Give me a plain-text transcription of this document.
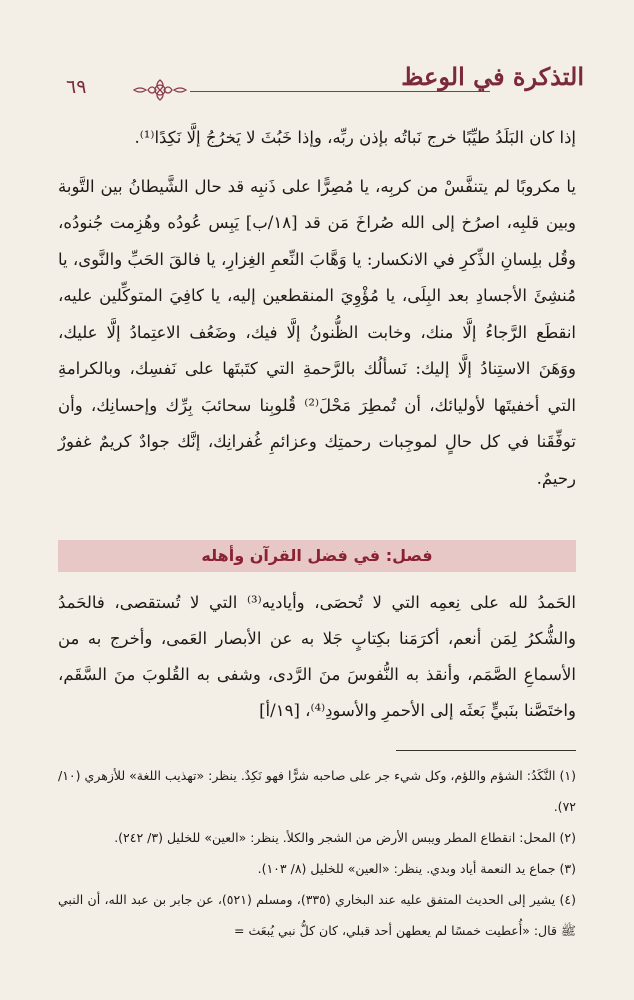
٦٩	التذكرة في الوعظ

إذا كان البَلَدُ طيِّبًا خرج نَباتُه بإذن ربِّه، وإذا خَبُثَ لا يَخرُجُ إلَّا نَكِدًا⁽¹⁾.

يا مكروبًا لم يتنفَّسْ من كربِه، يا مُصِرًّا على ذَنبِه قد حال الشَّيطانُ بين التَّوبة وبين قلبِه، اصرُخ إلى الله صُراخَ مَن قد [١٨/ب] يَبِس عُودُه وهُزِمت جُنودُه، وقُل بلِسانِ الذِّكرِ في الانكسار: يا وَهَّابَ النِّعمِ الغِزارِ، يا فالقَ الحَبِّ والنَّوى، يا مُنشِئَ الأجسادِ بعد البِلَى، يا مُؤْوِيَ المنقطعين إليه، يا كافِيَ المتوكِّلين عليه، انقطَع الرَّجاءُ إلَّا منك، وخابت الظُّنونُ إلَّا فيك، وضَعُف الاعتِمادُ إلَّا عليك، ووَهَنَ الاستِنادُ إلَّا إليك: نَسألُك بالرَّحمةِ التي كتَبتَها على نَفسِك، وبالكرامةِ التي أخفيتَها لأوليائك، أن تُمطِرَ مَحْلَ⁽²⁾ قُلوبِنا سحائبَ بِرِّك وإحسانِك، وأن توفِّقَنا في كل حالٍ لموجِبات رحمتِك وعزائمِ غُفرانِك، إنَّك جوادٌ كريمٌ غفورٌ رحيمٌ.

فصل: في فضل القرآن وأهله

الحَمدُ لله على نِعمِه التي لا تُحصَى، وأياديه⁽³⁾ التي لا تُستقصى، فالحَمدُ والشُّكرُ لِمَن أنعم، أكرَمَنا بكِتابٍ جَلا به عن الأبصار العَمى، وأخرج به من الأسماعِ الصَّمَم، وأنقذ به النُّفوسَ منَ الرَّدى، وشفى به القُلوبَ منَ السَّقَم، واختَصَّنا بنَبيٍّ بَعثَه إلى الأحمرِ والأسودِ⁽⁴⁾، [١٩/أ]

(١) النَّكَدُ: الشؤم واللؤم، وكل شيء جر على صاحبه شرًّا فهو نَكِدٌ. ينظر: «تهذيب اللغة» للأزهري (١٠/ ٧٢).

(٢) المحل: انقطاع المطر ويبس الأرض من الشجر والكلأ. ينظر: «العين» للخليل (٣/ ٢٤٢).

(٣) جماع يد النعمة أياد وبدي. ينظر: «العين» للخليل (٨/ ١٠٣).

(٤) يشير إلى الحديث المتفق عليه عند البخاري (٣٣٥)، ومسلم (٥٢١)، عن جابر بن عبد الله، أن النبي ﷺ قال: «أُعطيت خمسًا لم يعطهن أحد قبلي، كان كلُّ نبي يُبعَث =
